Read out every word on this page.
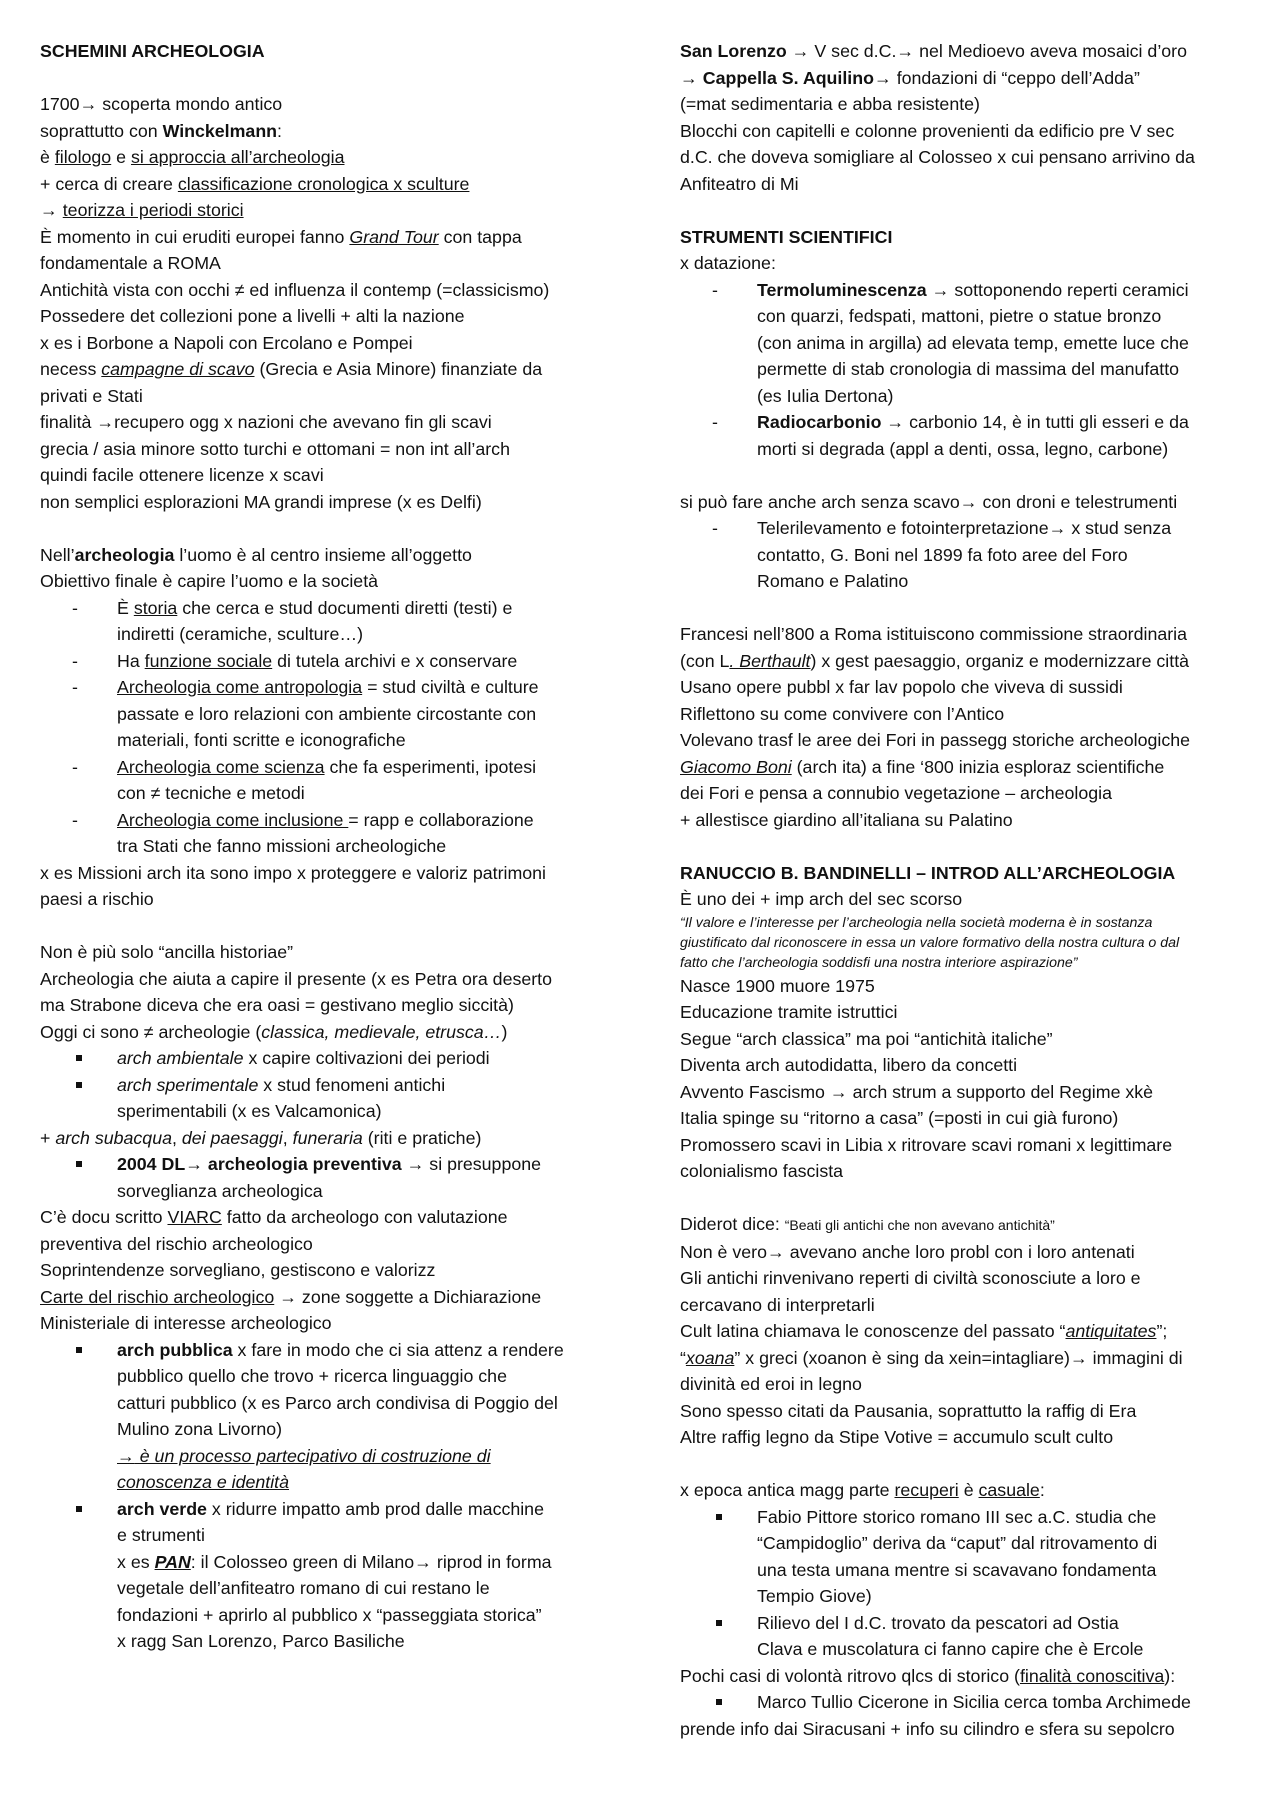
SCHEMINI ARCHEOLOGIA
1700→ scoperta mondo antico
soprattutto con Winckelmann:
è filologo e si approccia all’archeologia
+ cerca di creare classificazione cronologica x sculture
→ teorizza i periodi storici
È momento in cui eruditi europei fanno Grand Tour con tappa
fondamentale a ROMA
Antichità vista con occhi ≠ ed influenza il contemp (=classicismo)
Possedere det collezioni pone a livelli + alti la nazione
x es i Borbone a Napoli con Ercolano e Pompei
necess campagne di scavo (Grecia e Asia Minore) finanziate da
privati e Stati
finalità →recupero ogg x nazioni che avevano fin gli scavi
grecia / asia minore sotto turchi e ottomani = non int all’arch
quindi facile ottenere licenze x scavi
non semplici esplorazioni MA grandi imprese (x es Delfi)
Nell’archeologia l’uomo è al centro insieme all’oggetto
Obiettivo finale è capire l’uomo e la società
- È storia che cerca e stud documenti diretti (testi) e
indiretti (ceramiche, sculture…)
- Ha funzione sociale di tutela archivi e x conservare
- Archeologia come antropologia = stud civiltà e culture
passate e loro relazioni con ambiente circostante con
materiali, fonti scritte e iconografiche
- Archeologia come scienza che fa esperimenti, ipotesi
con ≠ tecniche e metodi
- Archeologia come inclusione = rapp e collaborazione
tra Stati che fanno missioni archeologiche
x es Missioni arch ita sono impo x proteggere e valoriz patrimoni
paesi a rischio
Non è più solo “ancilla historiae”
Archeologia che aiuta a capire il presente (x es Petra ora deserto
ma Strabone diceva che era oasi = gestivano meglio siccità)
Oggi ci sono ≠ archeologie (classica, medievale, etrusca…)
arch ambientale x capire coltivazioni dei periodi
arch sperimentale x stud fenomeni antichi
sperimentabili (x es Valcamonica)
+ arch subacqua, dei paesaggi, funeraria (riti e pratiche)
2004 DL→ archeologia preventiva → si presuppone
sorveglianza archeologica
C’è docu scritto VIARC fatto da archeologo con valutazione
preventiva del rischio archeologico
Soprintendenze sorvegliano, gestiscono e valorizz
Carte del rischio archeologico → zone soggette a Dichiarazione
Ministeriale di interesse archeologico
arch pubblica x fare in modo che ci sia attenz a rendere
pubblico quello che trovo + ricerca linguaggio che
catturi pubblico (x es Parco arch condivisa di Poggio del
Mulino zona Livorno)
→ è un processo partecipativo di costruzione di
conoscenza e identità
arch verde x ridurre impatto amb prod dalle macchine
e strumenti
x es PAN: il Colosseo green di Milano→ riprod in forma
vegetale dell’anfiteatro romano di cui restano le
fondazioni + aprirlo al pubblico x “passeggiata storica”
x ragg San Lorenzo, Parco Basiliche
San Lorenzo → V sec d.C.→ nel Medioevo aveva mosaici d’oro
→ Cappella S. Aquilino→ fondazioni di “ceppo dell’Adda”
(=mat sedimentaria e abba resistente)
Blocchi con capitelli e colonne provenienti da edificio pre V sec
d.C. che doveva somigliare al Colosseo x cui pensano arrivino da
Anfiteatro di Mi
STRUMENTI SCIENTIFICI
x datazione:
- Termoluminescenza → sottoponendo reperti ceramici
con quarzi, fedspati, mattoni, pietre o statue bronzo
(con anima in argilla) ad elevata temp, emette luce che
permette di stab cronologia di massima del manufatto
(es Iulia Dertona)
- Radiocarbonio → carbonio 14, è in tutti gli esseri e da
morti si degrada (appl a denti, ossa, legno, carbone)
si può fare anche arch senza scavo→ con droni e telestrumenti
- Telerilevamento e fotointerpretazione→ x stud senza
contatto, G. Boni nel 1899 fa foto aree del Foro
Romano e Palatino
Francesi nell’800 a Roma istituiscono commissione straordinaria
(con L. Berthault) x gest paesaggio, organiz e modernizzare città
Usano opere pubbl x far lav popolo che viveva di sussidi
Riflettono su come convivere con l’Antico
Volevano trasf le aree dei Fori in passegg storiche archeologiche
Giacomo Boni (arch ita) a fine ‘800 inizia esploraz scientifiche
dei Fori e pensa a connubio vegetazione – archeologia
+ allestisce giardino all’italiana su Palatino
RANUCCIO B. BANDINELLI – INTROD ALL’ARCHEOLOGIA
È uno dei + imp arch del sec scorso
“Il valore e l’interesse per l’archeologia nella società moderna è in sostanza
giustificato dal riconoscere in essa un valore formativo della nostra cultura o dal
fatto che l’archeologia soddisfi una nostra interiore aspirazione”
Nasce 1900 muore 1975
Educazione tramite istruttici
Segue “arch classica” ma poi “antichità italiche”
Diventa arch autodidatta, libero da concetti
Avvento Fascismo → arch strum a supporto del Regime xkè
Italia spinge su “ritorno a casa” (=posti in cui già furono)
Promossero scavi in Libia x ritrovare scavi romani x legittimare
colonialismo fascista
Diderot dice: “Beati gli antichi che non avevano antichità”
Non è vero→ avevano anche loro probl con i loro antenati
Gli antichi rinvenivano reperti di civiltà sconosciute a loro e
cercavano di interpretarli
Cult latina chiamava le conoscenze del passato “antiquitates”;
“xoana” x greci (xoanon è sing da xein=intagliare)→ immagini di
divinità ed eroi in legno
Sono spesso citati da Pausania, soprattutto la raffig di Era
Altre raffig legno da Stipe Votive = accumulo scult culto
x epoca antica magg parte recuperi è casuale:
Fabio Pittore storico romano III sec a.C. studia che
“Campidoglio” deriva da “caput” dal ritrovamento di
una testa umana mentre si scavavano fondamenta
Tempio Giove)
Rilievo del I d.C. trovato da pescatori ad Ostia
Clava e muscolatura ci fanno capire che è Ercole
Pochi casi di volontà ritrovo qlcs di storico (finalità conoscitiva):
Marco Tullio Cicerone in Sicilia cerca tomba Archimede
prende info dai Siracusani + info su cilindro e sfera su sepolcro
